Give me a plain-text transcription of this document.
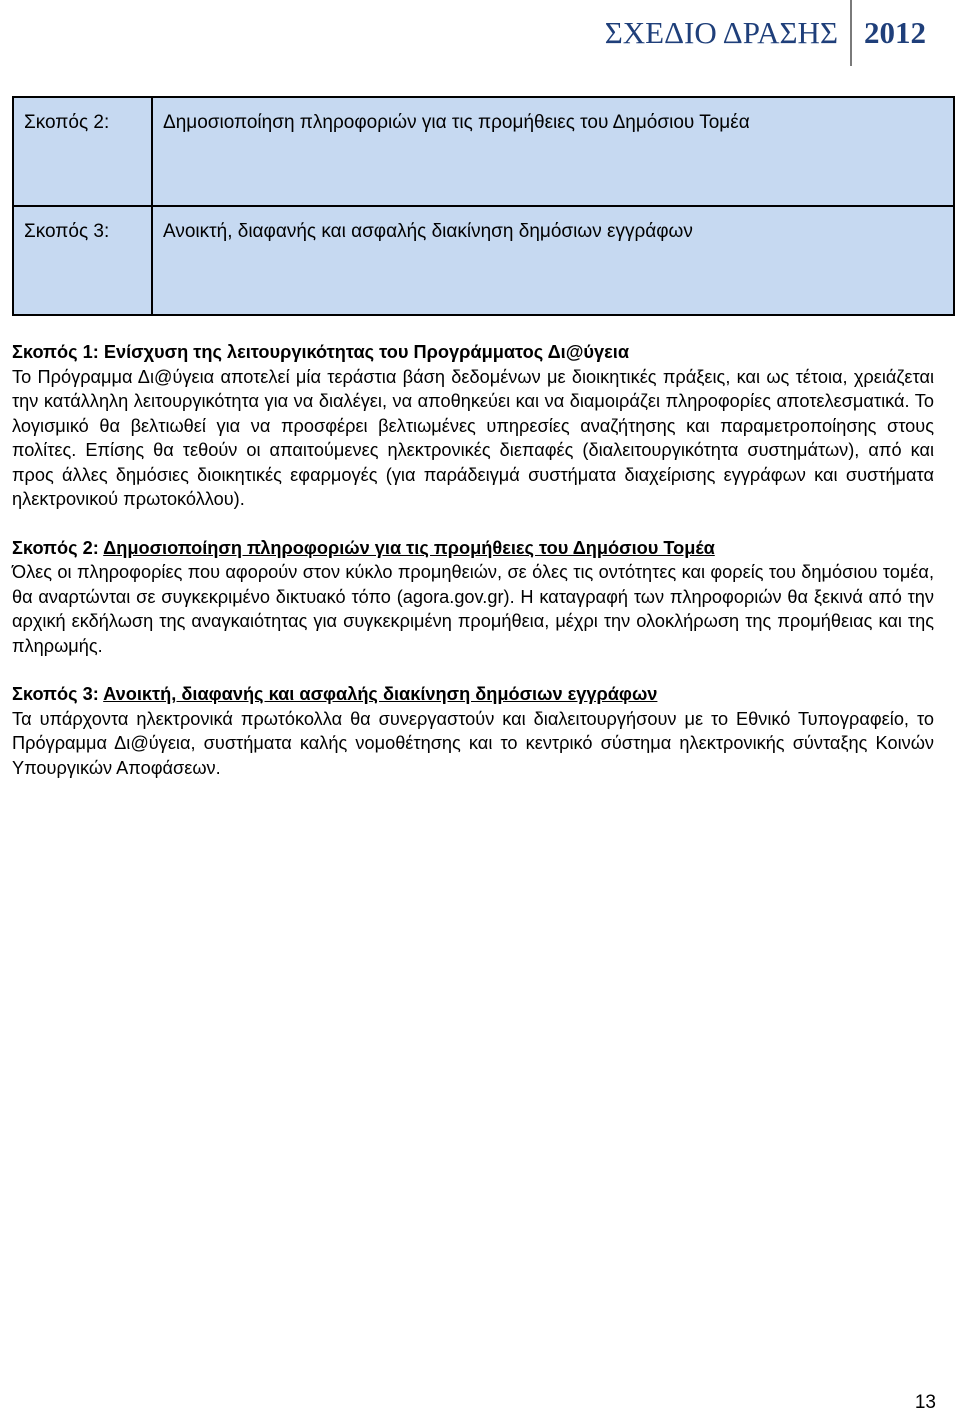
ΣΧΕΔΙΟ ΔΡΑΣΗΣ 2012
Σκοπός 2:	Δημοσιοποίηση πληροφοριών για τις προμήθειες του Δημόσιου Τομέα
Σκοπός 3:	Ανοικτή, διαφανής και ασφαλής διακίνηση δημόσιων εγγράφων

Σκοπός 1: Ενίσχυση της λειτουργικότητας του Προγράμματος Δι@ύγεια

Το Πρόγραμμα Δι@ύγεια αποτελεί μία τεράστια βάση δεδομένων με διοικητικές πράξεις, και ως τέτοια, χρειάζεται την κατάλληλη λειτουργικότητα για να διαλέγει, να αποθηκεύει και να διαμοιράζει πληροφορίες αποτελεσματικά. Το λογισμικό θα βελτιωθεί για να προσφέρει βελτιωμένες υπηρεσίες αναζήτησης και παραμετροποίησης στους πολίτες. Επίσης θα τεθούν οι απαιτούμενες ηλεκτρονικές διεπαφές (διαλειτουργικότητα συστημάτων), από και προς άλλες δημόσιες διοικητικές εφαρμογές (για παράδειγμά συστήματα διαχείρισης εγγράφων και συστήματα ηλεκτρονικού πρωτοκόλλου).

Σκοπός 2: Δημοσιοποίηση πληροφοριών για τις προμήθειες του Δημόσιου Τομέα

Όλες οι πληροφορίες που αφορούν στον κύκλο προμηθειών, σε όλες τις οντότητες και φορείς του δημόσιου τομέα, θα αναρτώνται σε συγκεκριμένο δικτυακό τόπο (agora.gov.gr). Η καταγραφή των πληροφοριών θα ξεκινά από την αρχική εκδήλωση της αναγκαιότητας για συγκεκριμένη προμήθεια, μέχρι την ολοκλήρωση της προμήθειας και της πληρωμής.

Σκοπός 3: Ανοικτή, διαφανής και ασφαλής διακίνηση δημόσιων εγγράφων

Τα υπάρχοντα ηλεκτρονικά πρωτόκολλα θα συνεργαστούν και διαλειτουργήσουν με το Εθνικό Τυπογραφείο, το Πρόγραμμα Δι@ύγεια, συστήματα καλής νομοθέτησης και το κεντρικό σύστημα ηλεκτρονικής σύνταξης Κοινών Υπουργικών Αποφάσεων.

13
